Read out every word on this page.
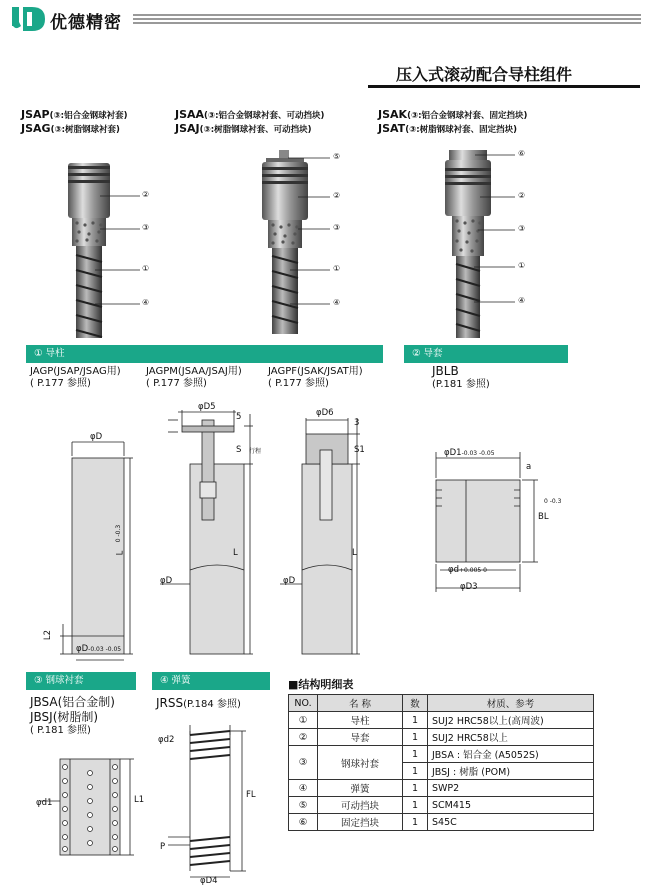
优德精密
压入式滚动配合导柱组件
JSAP(③:铝合金钢球衬套)
JSAG(③:树脂钢球衬套)
JSAA(③:铝合金钢球衬套、可动挡块)
JSAJ(③:树脂钢球衬套、可动挡块)
JSAK(③:铝合金钢球衬套、固定挡块)
JSAT(③:树脂钢球衬套、固定挡块)
②
③
①
④
⑤
②
③
①
④
⑥
②
③
①
④
① 导柱	② 导套
JAGP(JSAP/JSAG用)
( P.177 参照)
JAGPM(JSAA/JSAJ用)
( P.177 参照)
JAGPF(JSAK/JSAT用)
( P.177 参照)
JBLB
(P.181 参照)
φD
L
0 -0.3
L2
φD-0.03 -0.05
φD5
5
S 行程
L
φD
φD6
3
S1
L
φD
φD1-0.03 -0.05
a
BL
0 -0.3
φd+0.005 0
φD3
③ 钢球衬套	④ 弹簧
JBSA(铝合金制)
JBSJ(树脂制)
( P.181 参照)
JRSS(P.184 参照)
φd1	L1
φd2
FL
P
φD4
■结构明细表
NO.	名 称	数	材质、参考
①	导柱	1	SUJ2 HRC58以上(高周波)
②	导套	1	SUJ2 HRC58以上
③	钢球衬套	1	JBSA : 铝合金 (A5052S)
		1	JBSJ : 树脂 (POM)
④	弹簧	1	SWP2
⑤	可动挡块	1	SCM415
⑥	固定挡块	1	S45C
